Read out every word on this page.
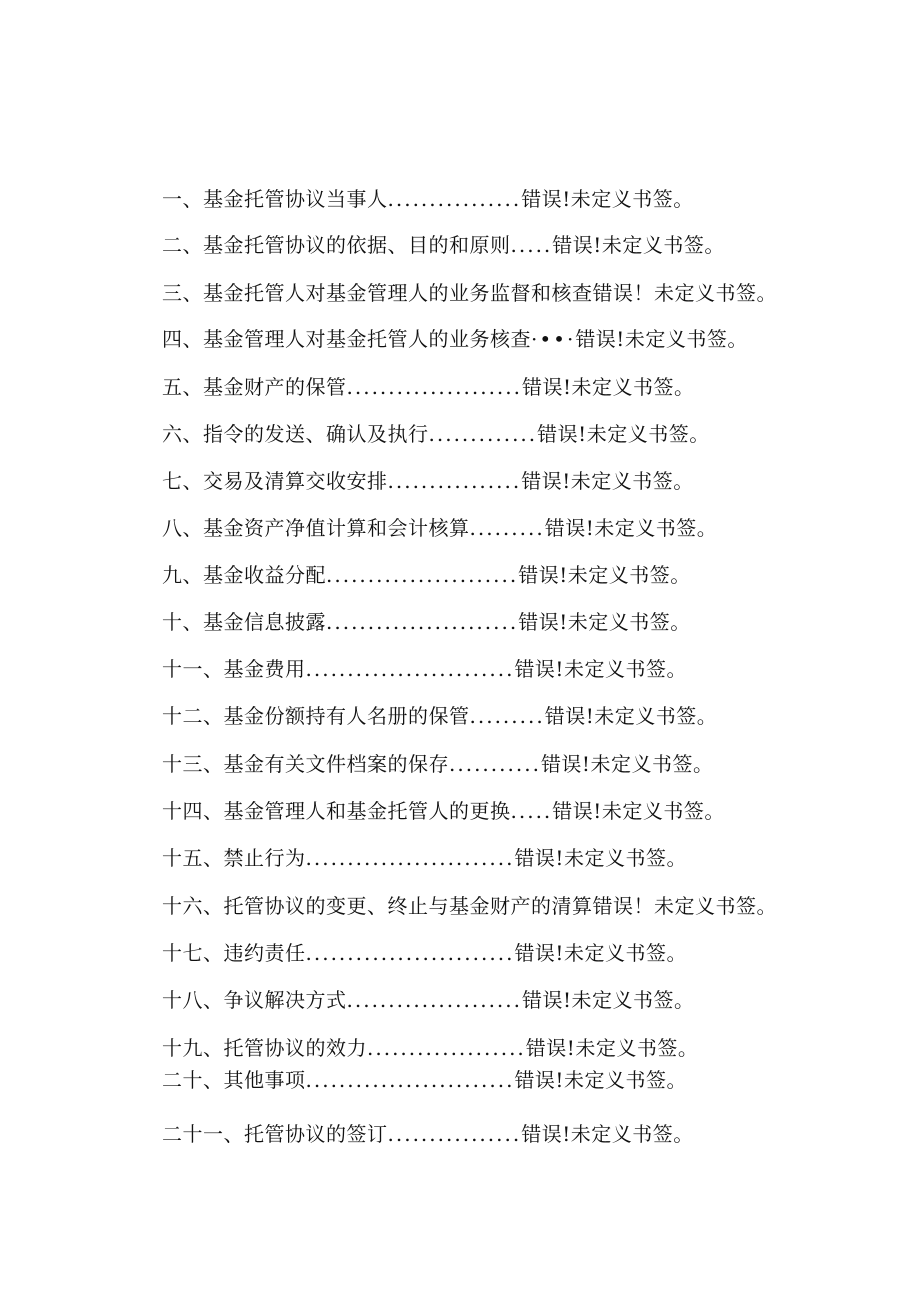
一、基金托管协议当事人................错误!未定义书签。
二、基金托管协议的依据、目的和原则.....错误!未定义书签。
三、基金托管人对基金管理人的业务监督和核查错误！未定义书签。
四、基金管理人对基金托管人的业务核查·••·错误!未定义书签。
五、基金财产的保管.....................错误!未定义书签。
六、指令的发送、确认及执行.............错误!未定义书签。
七、交易及清算交收安排................错误!未定义书签。
八、基金资产净值计算和会计核算.........错误!未定义书签。
九、基金收益分配.......................错误!未定义书签。
十、基金信息披露.......................错误!未定义书签。
十一、基金费用.........................错误!未定义书签。
十二、基金份额持有人名册的保管.........错误!未定义书签。
十三、基金有关文件档案的保存...........错误!未定义书签。
十四、基金管理人和基金托管人的更换.....错误!未定义书签。
十五、禁止行为.........................错误!未定义书签。
十六、托管协议的变更、终止与基金财产的清算错误！未定义书签。
十七、违约责任.........................错误!未定义书签。
十八、争议解决方式.....................错误!未定义书签。
十九、托管协议的效力...................错误!未定义书签。
二十、其他事项.........................错误!未定义书签。
二十一、托管协议的签订................错误!未定义书签。
